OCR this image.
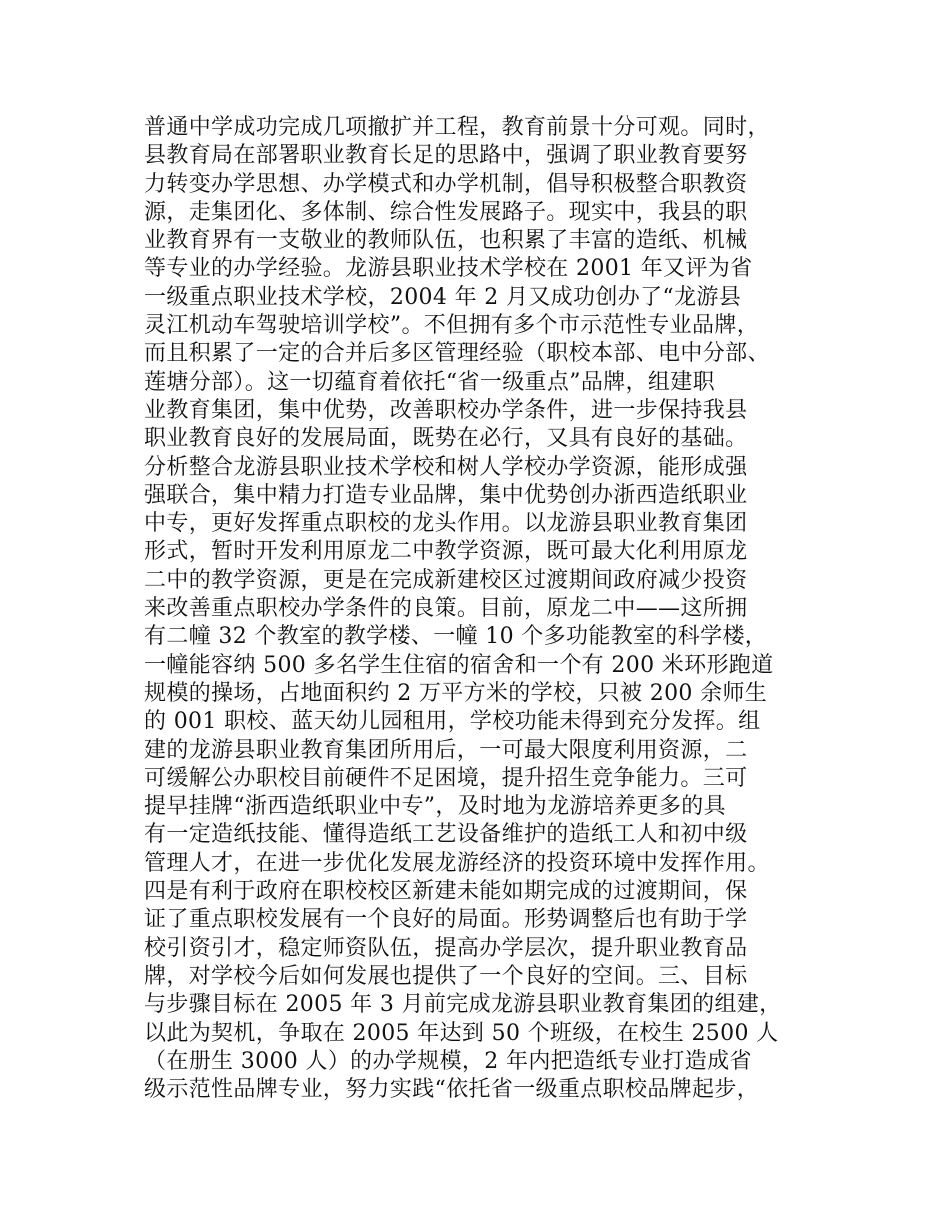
普通中学成功完成几项撤扩并工程，教育前景十分可观。同时，
县教育局在部署职业教育长足的思路中，强调了职业教育要努
力转变办学思想、办学模式和办学机制，倡导积极整合职教资
源，走集团化、多体制、综合性发展路子。现实中，我县的职
业教育界有一支敬业的教师队伍，也积累了丰富的造纸、机械
等专业的办学经验。龙游县职业技术学校在 2001 年又评为省
一级重点职业技术学校，2004 年 2 月又成功创办了“龙游县
灵江机动车驾驶培训学校”。不但拥有多个市示范性专业品牌，
而且积累了一定的合并后多区管理经验（职校本部、电中分部、
莲塘分部）。这一切蕴育着依托“省一级重点”品牌，组建职
业教育集团，集中优势，改善职校办学条件，进一步保持我县
职业教育良好的发展局面，既势在必行，又具有良好的基础。
分析整合龙游县职业技术学校和树人学校办学资源，能形成强
强联合，集中精力打造专业品牌，集中优势创办浙西造纸职业
中专，更好发挥重点职校的龙头作用。以龙游县职业教育集团
形式，暂时开发利用原龙二中教学资源，既可最大化利用原龙
二中的教学资源，更是在完成新建校区过渡期间政府减少投资
来改善重点职校办学条件的良策。目前，原龙二中——这所拥
有二幢 32 个教室的教学楼、一幢 10 个多功能教室的科学楼，
一幢能容纳 500 多名学生住宿的宿舍和一个有 200 米环形跑道
规模的操场，占地面积约 2 万平方米的学校，只被 200 余师生
的 001 职校、蓝天幼儿园租用，学校功能未得到充分发挥。组
建的龙游县职业教育集团所用后，一可最大限度利用资源，二
可缓解公办职校目前硬件不足困境，提升招生竞争能力。三可
提早挂牌“浙西造纸职业中专”，及时地为龙游培养更多的具
有一定造纸技能、懂得造纸工艺设备维护的造纸工人和初中级
管理人才，在进一步优化发展龙游经济的投资环境中发挥作用。
四是有利于政府在职校校区新建未能如期完成的过渡期间，保
证了重点职校发展有一个良好的局面。形势调整后也有助于学
校引资引才，稳定师资队伍，提高办学层次，提升职业教育品
牌，对学校今后如何发展也提供了一个良好的空间。三、目标
与步骤目标在 2005 年 3 月前完成龙游县职业教育集团的组建，
以此为契机，争取在 2005 年达到 50 个班级，在校生 2500 人
（在册生 3000 人）的办学规模，2 年内把造纸专业打造成省
级示范性品牌专业，努力实践“依托省一级重点职校品牌起步，
